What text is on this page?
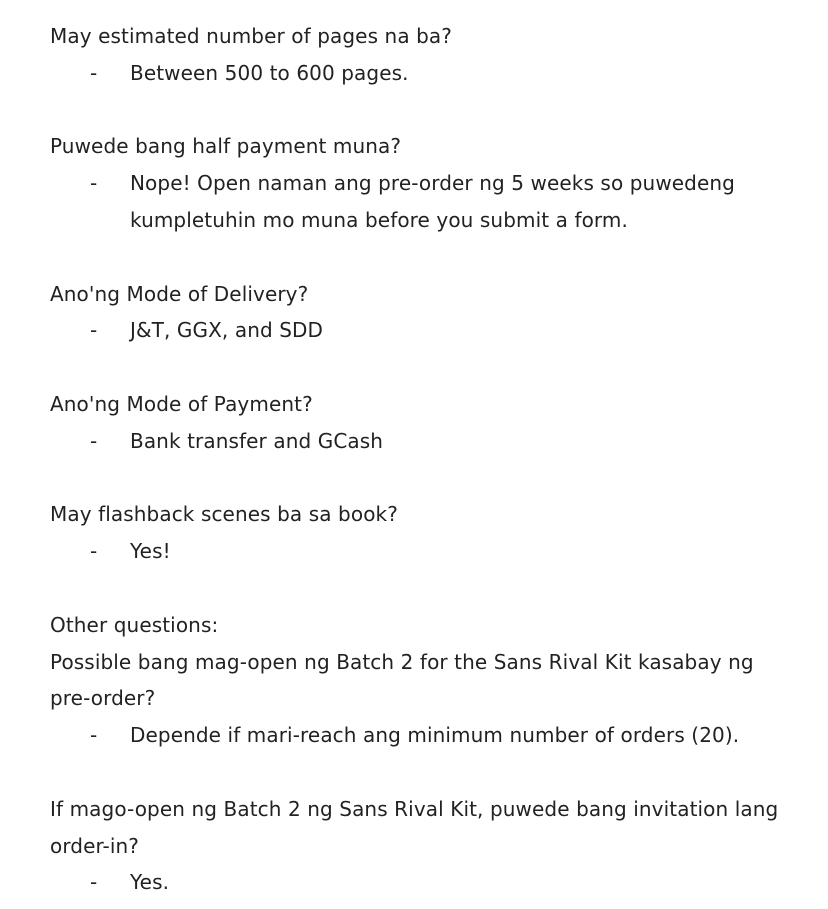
May estimated number of pages na ba?
- Between 500 to 600 pages.
Puwede bang half payment muna?
- Nope! Open naman ang pre-order ng 5 weeks so puwedeng
kumpletuhin mo muna before you submit a form.
Ano'ng Mode of Delivery?
- J&T, GGX, and SDD
Ano'ng Mode of Payment?
- Bank transfer and GCash
May flashback scenes ba sa book?
- Yes!
Other questions:
Possible bang mag-open ng Batch 2 for the Sans Rival Kit kasabay ng
pre-order?
- Depende if mari-reach ang minimum number of orders (20).
If mago-open ng Batch 2 ng Sans Rival Kit, puwede bang invitation lang
order-in?
- Yes.
